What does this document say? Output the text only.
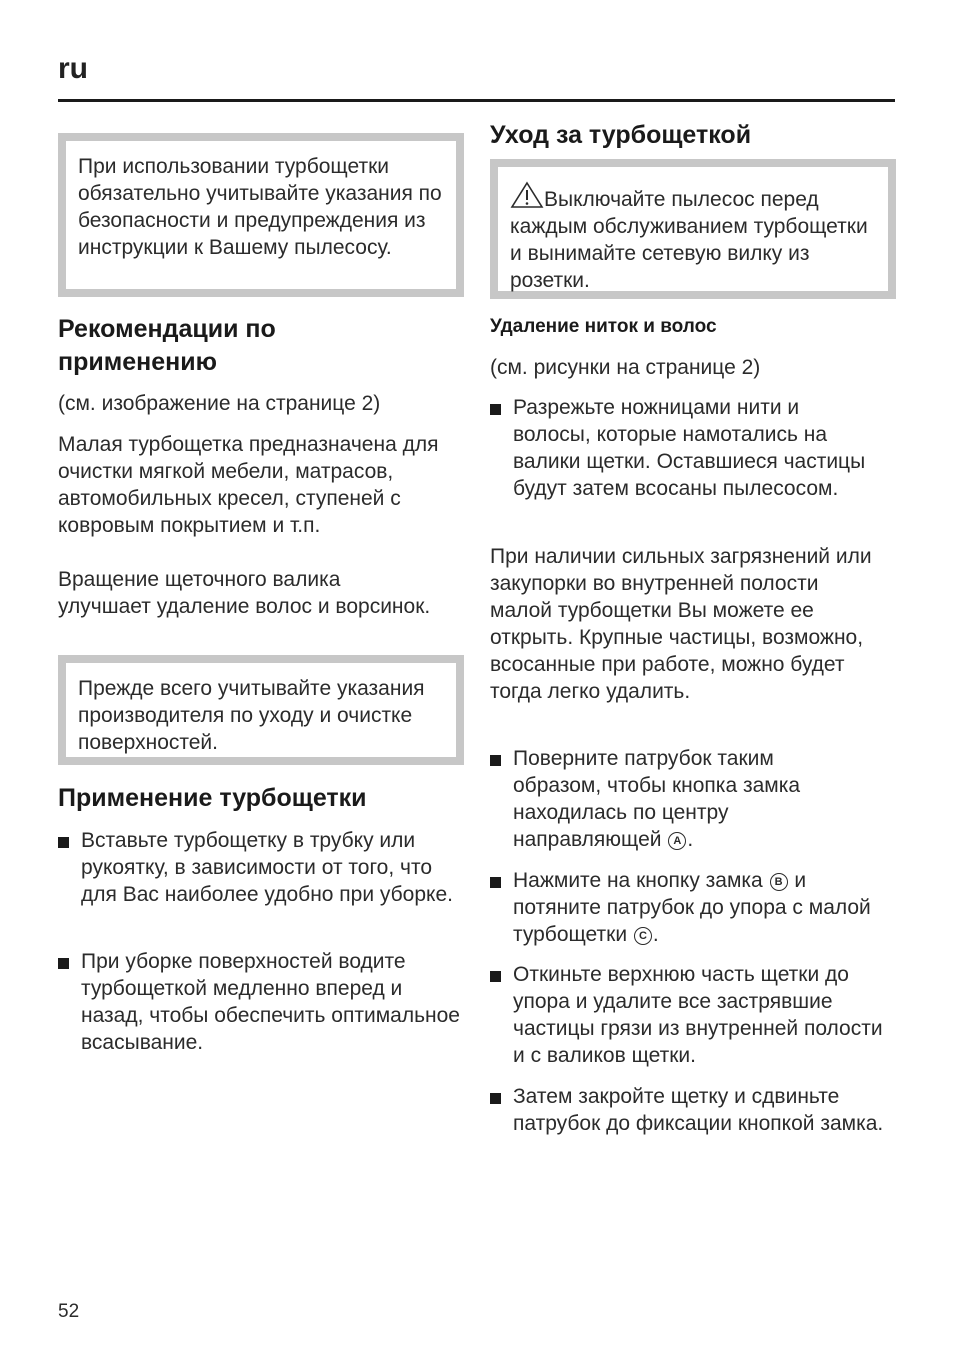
ru
При использовании турбощетки обязательно учитывайте указания по безопасности и предупреждения из инструкции к Вашему пылесосу.
Рекомендации по
применению
(см. изображение на странице 2)
Малая турбощетка предназначена для очистки мягкой мебели, матрасов, автомобильных кресел, ступеней с ковровым покрытием и т.п.
Вращение щеточного валика улучшает удаление волос и ворсинок.
Прежде всего учитывайте указания производителя по уходу и очистке поверхностей.
Применение турбощетки
Вставьте турбощетку в трубку или рукоятку, в зависимости от того, что для Вас наиболее удобно при уборке.
При уборке поверхностей водите турбощеткой медленно вперед и назад, чтобы обеспечить оптимальное всасывание.
Уход за турбощеткой
Выключайте пылесос перед каждым обслуживанием турбощетки и вынимайте сетевую вилку из розетки.
Удаление ниток и волос
(см. рисунки на странице 2)
Разрежьте ножницами нити и волосы, которые намотались на валики щетки. Оставшиеся частицы будут затем всосаны пылесосом.
При наличии сильных загрязнений или закупорки во внутренней полости малой турбощетки Вы можете ее открыть. Крупные частицы, возможно, всосанные при работе, можно будет тогда легко удалить.
Поверните патрубок таким образом, чтобы кнопка замка находилась по центру направляющей A .
Нажмите на кнопку замка B и потяните патрубок до упора с малой турбощетки C .
Откиньте верхнюю часть щетки до упора и удалите все застрявшие частицы грязи из внутренней полости и с валиков щетки.
Затем закройте щетку и сдвиньте патрубок до фиксации кнопкой замка.
52
